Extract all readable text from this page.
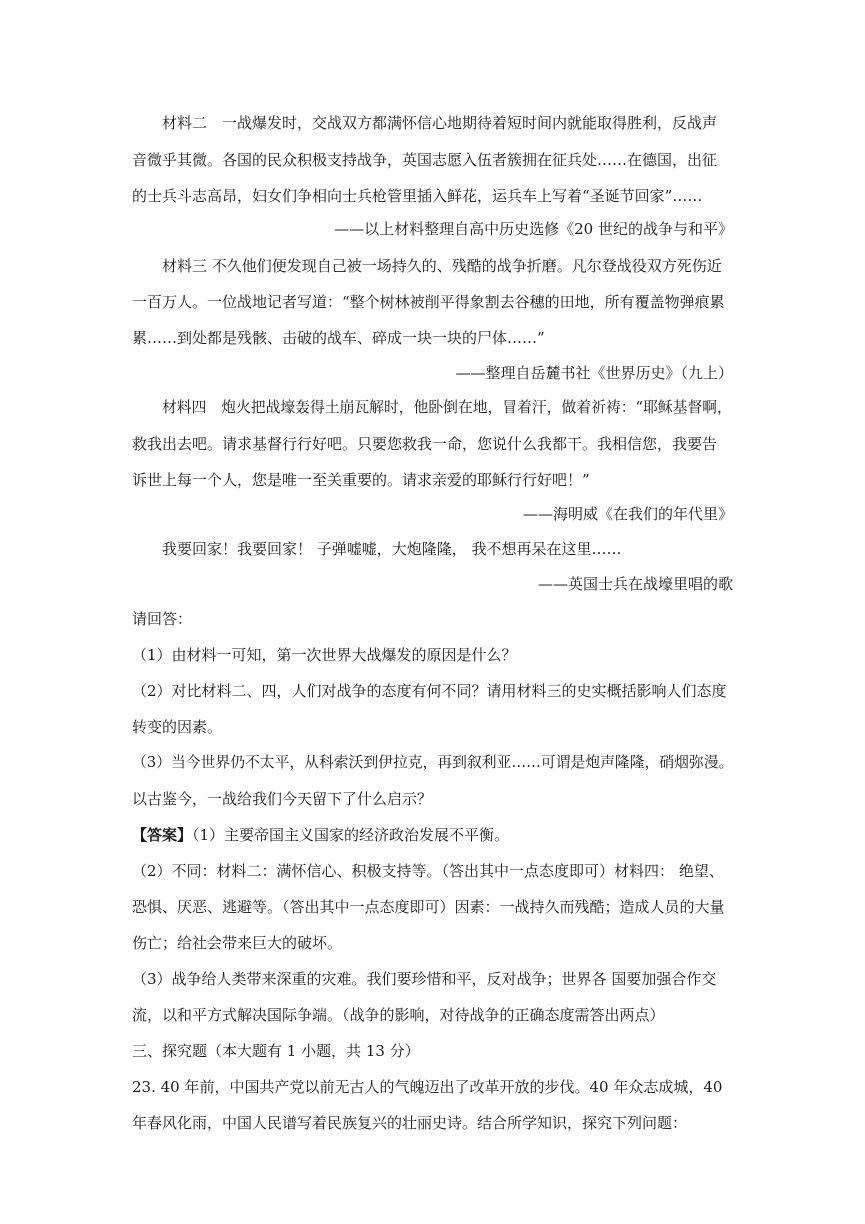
材料二　一战爆发时，交战双方都满怀信心地期待着短时间内就能取得胜利，反战声
音微乎其微。各国的民众积极支持战争，英国志愿入伍者簇拥在征兵处……在德国，出征
的士兵斗志高昂，妇女们争相向士兵枪管里插入鲜花，运兵车上写着“圣诞节回家”……
——以上材料整理自高中历史选修《20 世纪的战争与和平》
材料三 不久他们便发现自己被一场持久的、残酷的战争折磨。凡尔登战役双方死伤近
一百万人。一位战地记者写道：“整个树林被削平得象割去谷穗的田地，所有覆盖物弹痕累
累……到处都是残骸、击破的战车、碎成一块一块的尸体……”
——整理自岳麓书社《世界历史》（九上）
材料四　炮火把战壕轰得土崩瓦解时，他卧倒在地，冒着汗，做着祈祷：“耶稣基督啊，
救我出去吧。请求基督行行好吧。只要您救我一命，您说什么我都干。我相信您，我要告
诉世上每一个人，您是唯一至关重要的。请求亲爱的耶稣行行好吧！”
——海明威《在我们的年代里》
我要回家！我要回家！ 子弹嘘嘘，大炮隆隆， 我不想再呆在这里……
——英国士兵在战壕里唱的歌
请回答：
（1）由材料一可知，第一次世界大战爆发的原因是什么？
（2）对比材料二、四，人们对战争的态度有何不同？请用材料三的史实概括影响人们态度
转变的因素。
（3）当今世界仍不太平，从科索沃到伊拉克，再到叙利亚……可谓是炮声隆隆，硝烟弥漫。
以古鉴今，一战给我们今天留下了什么启示？
【答案】（1）主要帝国主义国家的经济政治发展不平衡。
（2）不同：材料二：满怀信心、积极支持等。（答出其中一点态度即可）材料四： 绝望、
恐惧、厌恶、逃避等。（答出其中一点态度即可）因素：一战持久而残酷；造成人员的大量
伤亡；给社会带来巨大的破坏。
（3）战争给人类带来深重的灾难。我们要珍惜和平，反对战争；世界各 国要加强合作交
流，以和平方式解决国际争端。（战争的影响，对待战争的正确态度需答出两点）
三、探究题（本大题有 1 小题，共 13 分）
23. 40 年前，中国共产党以前无古人的气魄迈出了改革开放的步伐。40 年众志成城，40
年春风化雨，中国人民谱写着民族复兴的壮丽史诗。结合所学知识，探究下列问题：
